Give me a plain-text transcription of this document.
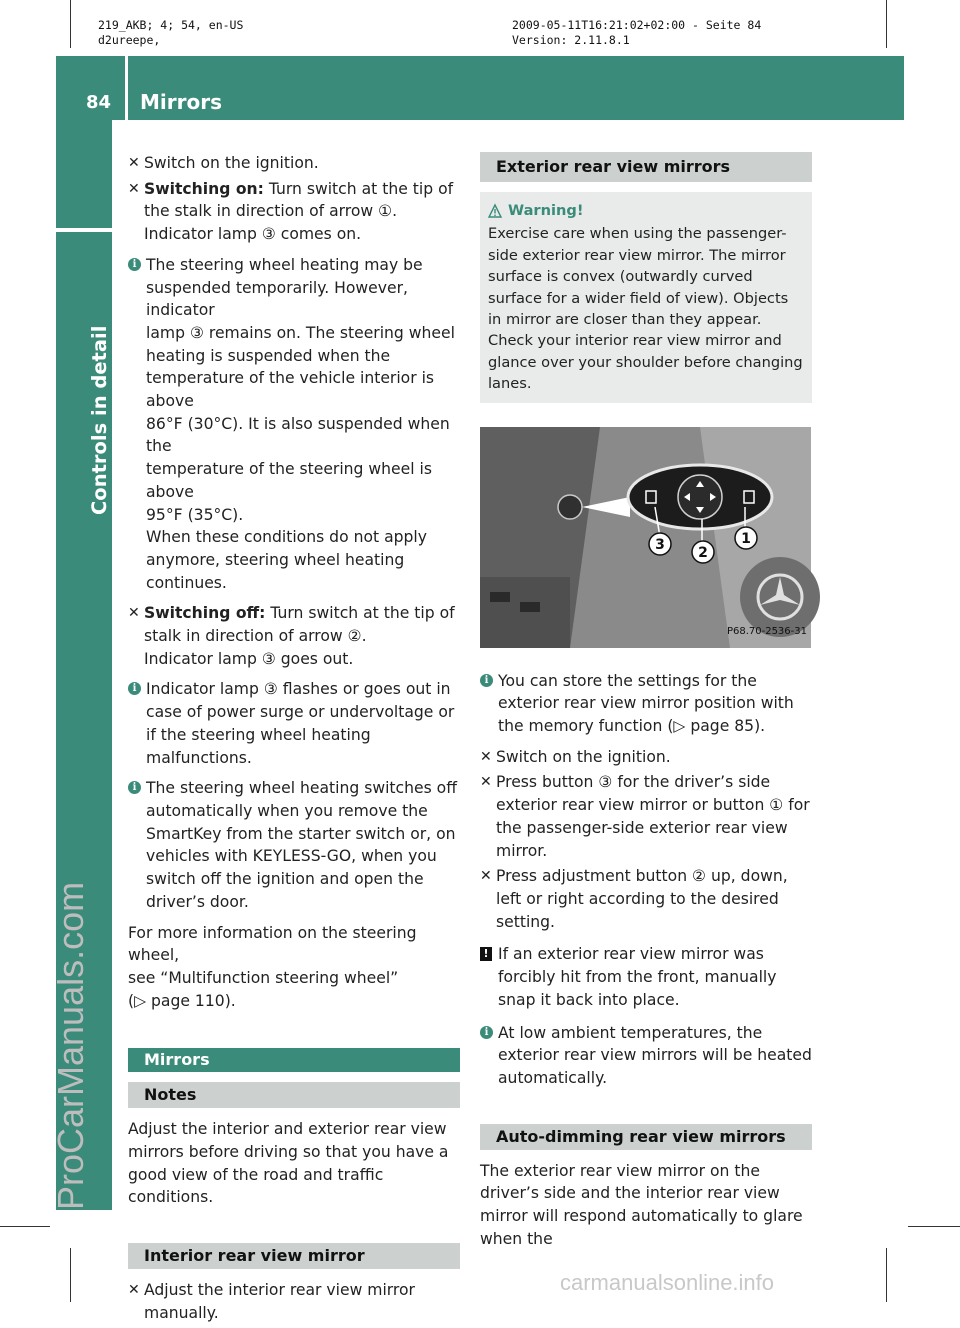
219_AKB; 4; 54, en-US
d2ureepe,
2009-05-11T16:21:02+02:00 - Seite 84
Version: 2.11.8.1
84 Mirrors
Controls in detail
ProCarManuals.com
carmanualsonline.info
✕ Switch on the ignition.
✕ Switching on: Turn switch at the tip of the stalk in direction of arrow ①.
Indicator lamp ③ comes on.
i The steering wheel heating may be
suspended temporarily. However, indicator
lamp ③ remains on. The steering wheel
heating is suspended when the
temperature of the vehicle interior is above
86°F (30°C). It is also suspended when the
temperature of the steering wheel is above
95°F (35°C).
When these conditions do not apply
anymore, steering wheel heating
continues.
✕ Switching off: Turn switch at the tip of stalk in direction of arrow ②.
Indicator lamp ③ goes out.
i Indicator lamp ③ flashes or goes out in case of power surge or undervoltage or if the steering wheel heating malfunctions.
i The steering wheel heating switches off automatically when you remove the SmartKey from the starter switch or, on vehicles with KEYLESS-GO, when you switch off the ignition and open the driver’s door.
For more information on the steering wheel,
see “Multifunction steering wheel”
(▷ page 110).
Mirrors
Notes
Adjust the interior and exterior rear view mirrors before driving so that you have a good view of the road and traffic conditions.
Interior rear view mirror
✕ Adjust the interior rear view mirror manually.
Exterior rear view mirrors
Warning!
Exercise care when using the passenger-side exterior rear view mirror. The mirror surface is convex (outwardly curved surface for a wider field of view). Objects in mirror are closer than they appear. Check your interior rear view mirror and glance over your shoulder before changing lanes.
3 2
1
P68.70-2536-31
i You can store the settings for the exterior rear view mirror position with the memory function (▷ page 85).
✕ Switch on the ignition.
✕ Press button ③ for the driver’s side exterior rear view mirror or button ① for the passenger-side exterior rear view mirror.
✕ Press adjustment button ② up, down, left or right according to the desired setting.
! If an exterior rear view mirror was forcibly hit from the front, manually snap it back into place.
i At low ambient temperatures, the exterior rear view mirrors will be heated automatically.
Auto-dimming rear view mirrors
The exterior rear view mirror on the driver’s side and the interior rear view mirror will respond automatically to glare when the
